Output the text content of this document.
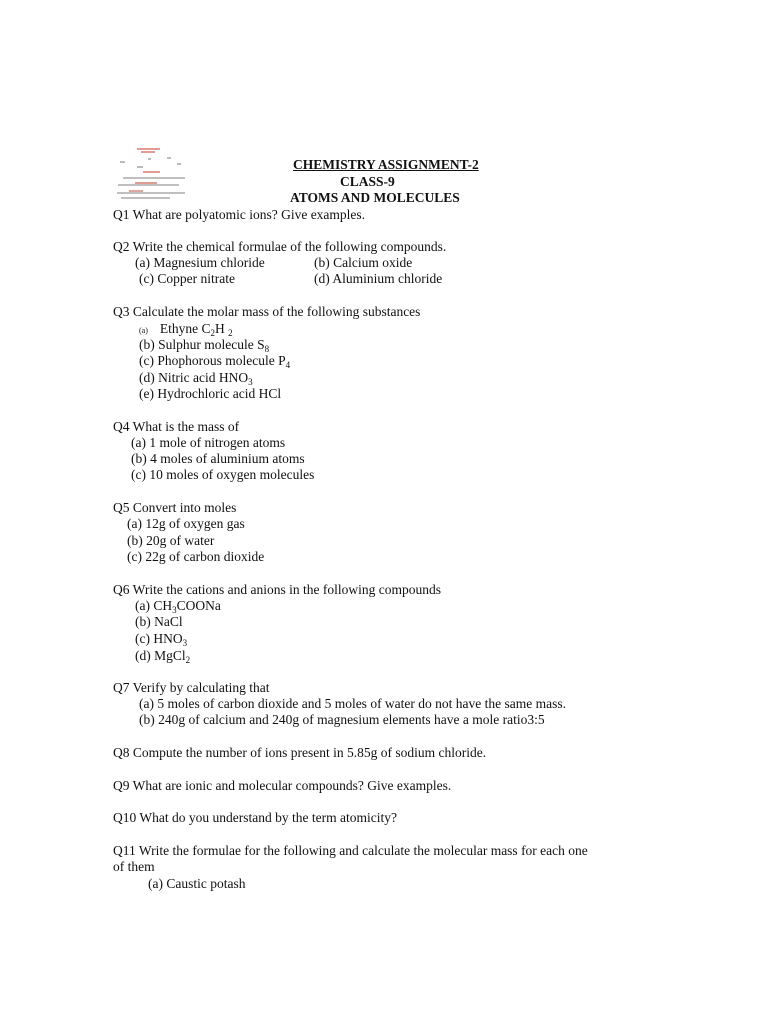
CHEMISTRY ASSIGNMENT-2
CLASS-9
ATOMS AND MOLECULES
Q1 What are polyatomic ions? Give examples.
Q2 Write the chemical formulae of the following compounds.
(a) Magnesium chloride	(b) Calcium oxide
(c) Copper nitrate	(d) Aluminium chloride
Q3 Calculate the molar mass of the following substances
(a) Ethyne $C_2H$ $_2$
(b) Sulphur molecule $S_8$
(c) Phophorous molecule $P_4$
(d) Nitric acid $HNO_3$
(e) Hydrochloric acid HCl
Q4 What is the mass of
(a) 1 mole of nitrogen atoms
(b) 4 moles of aluminium atoms
(c) 10 moles of oxygen molecules
Q5 Convert into moles
(a) 12g of oxygen gas
(b) 20g of water
(c) 22g of carbon dioxide
Q6 Write the cations and anions in the following compounds
(a) $CH_3COONa$
(b) NaCl
(c) $HNO_3$
(d) MgCl$_2$
Q7 Verify by calculating that
(a) 5 moles of carbon dioxide and 5 moles of water do not have the same mass.
(b) 240g of calcium and 240g of magnesium elements have a mole ratio3:5
Q8 Compute the number of ions present in 5.85g of sodium chloride.
Q9 What are ionic and molecular compounds? Give examples.
Q10 What do you understand by the term atomicity?
Q11 Write the formulae for the following and calculate the molecular mass for each one
of them
(a) Caustic potash
